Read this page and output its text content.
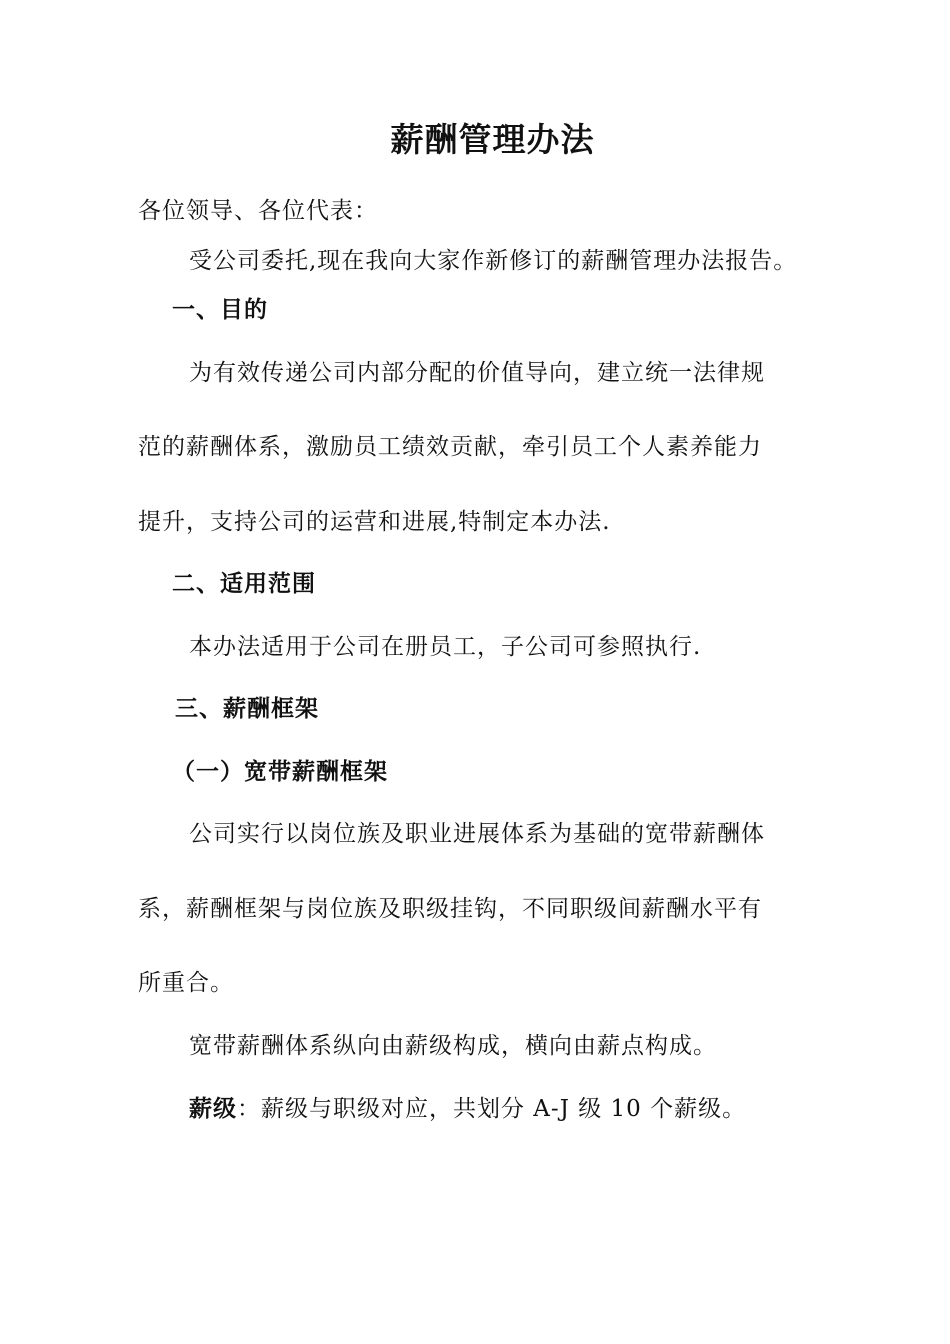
薪酬管理办法
各位领导、各位代表：
受公司委托,现在我向大家作新修订的薪酬管理办法报告。
一、目的
为有效传递公司内部分配的价值导向，建立统一法律规
范的薪酬体系，激励员工绩效贡献，牵引员工个人素养能力
提升，支持公司的运营和进展,特制定本办法.
二、适用范围
本办法适用于公司在册员工，子公司可参照执行.
三、薪酬框架
（一）宽带薪酬框架
公司实行以岗位族及职业进展体系为基础的宽带薪酬体
系，薪酬框架与岗位族及职级挂钩，不同职级间薪酬水平有
所重合。
宽带薪酬体系纵向由薪级构成，横向由薪点构成。
薪级：薪级与职级对应，共划分 A-J 级 10 个薪级。
